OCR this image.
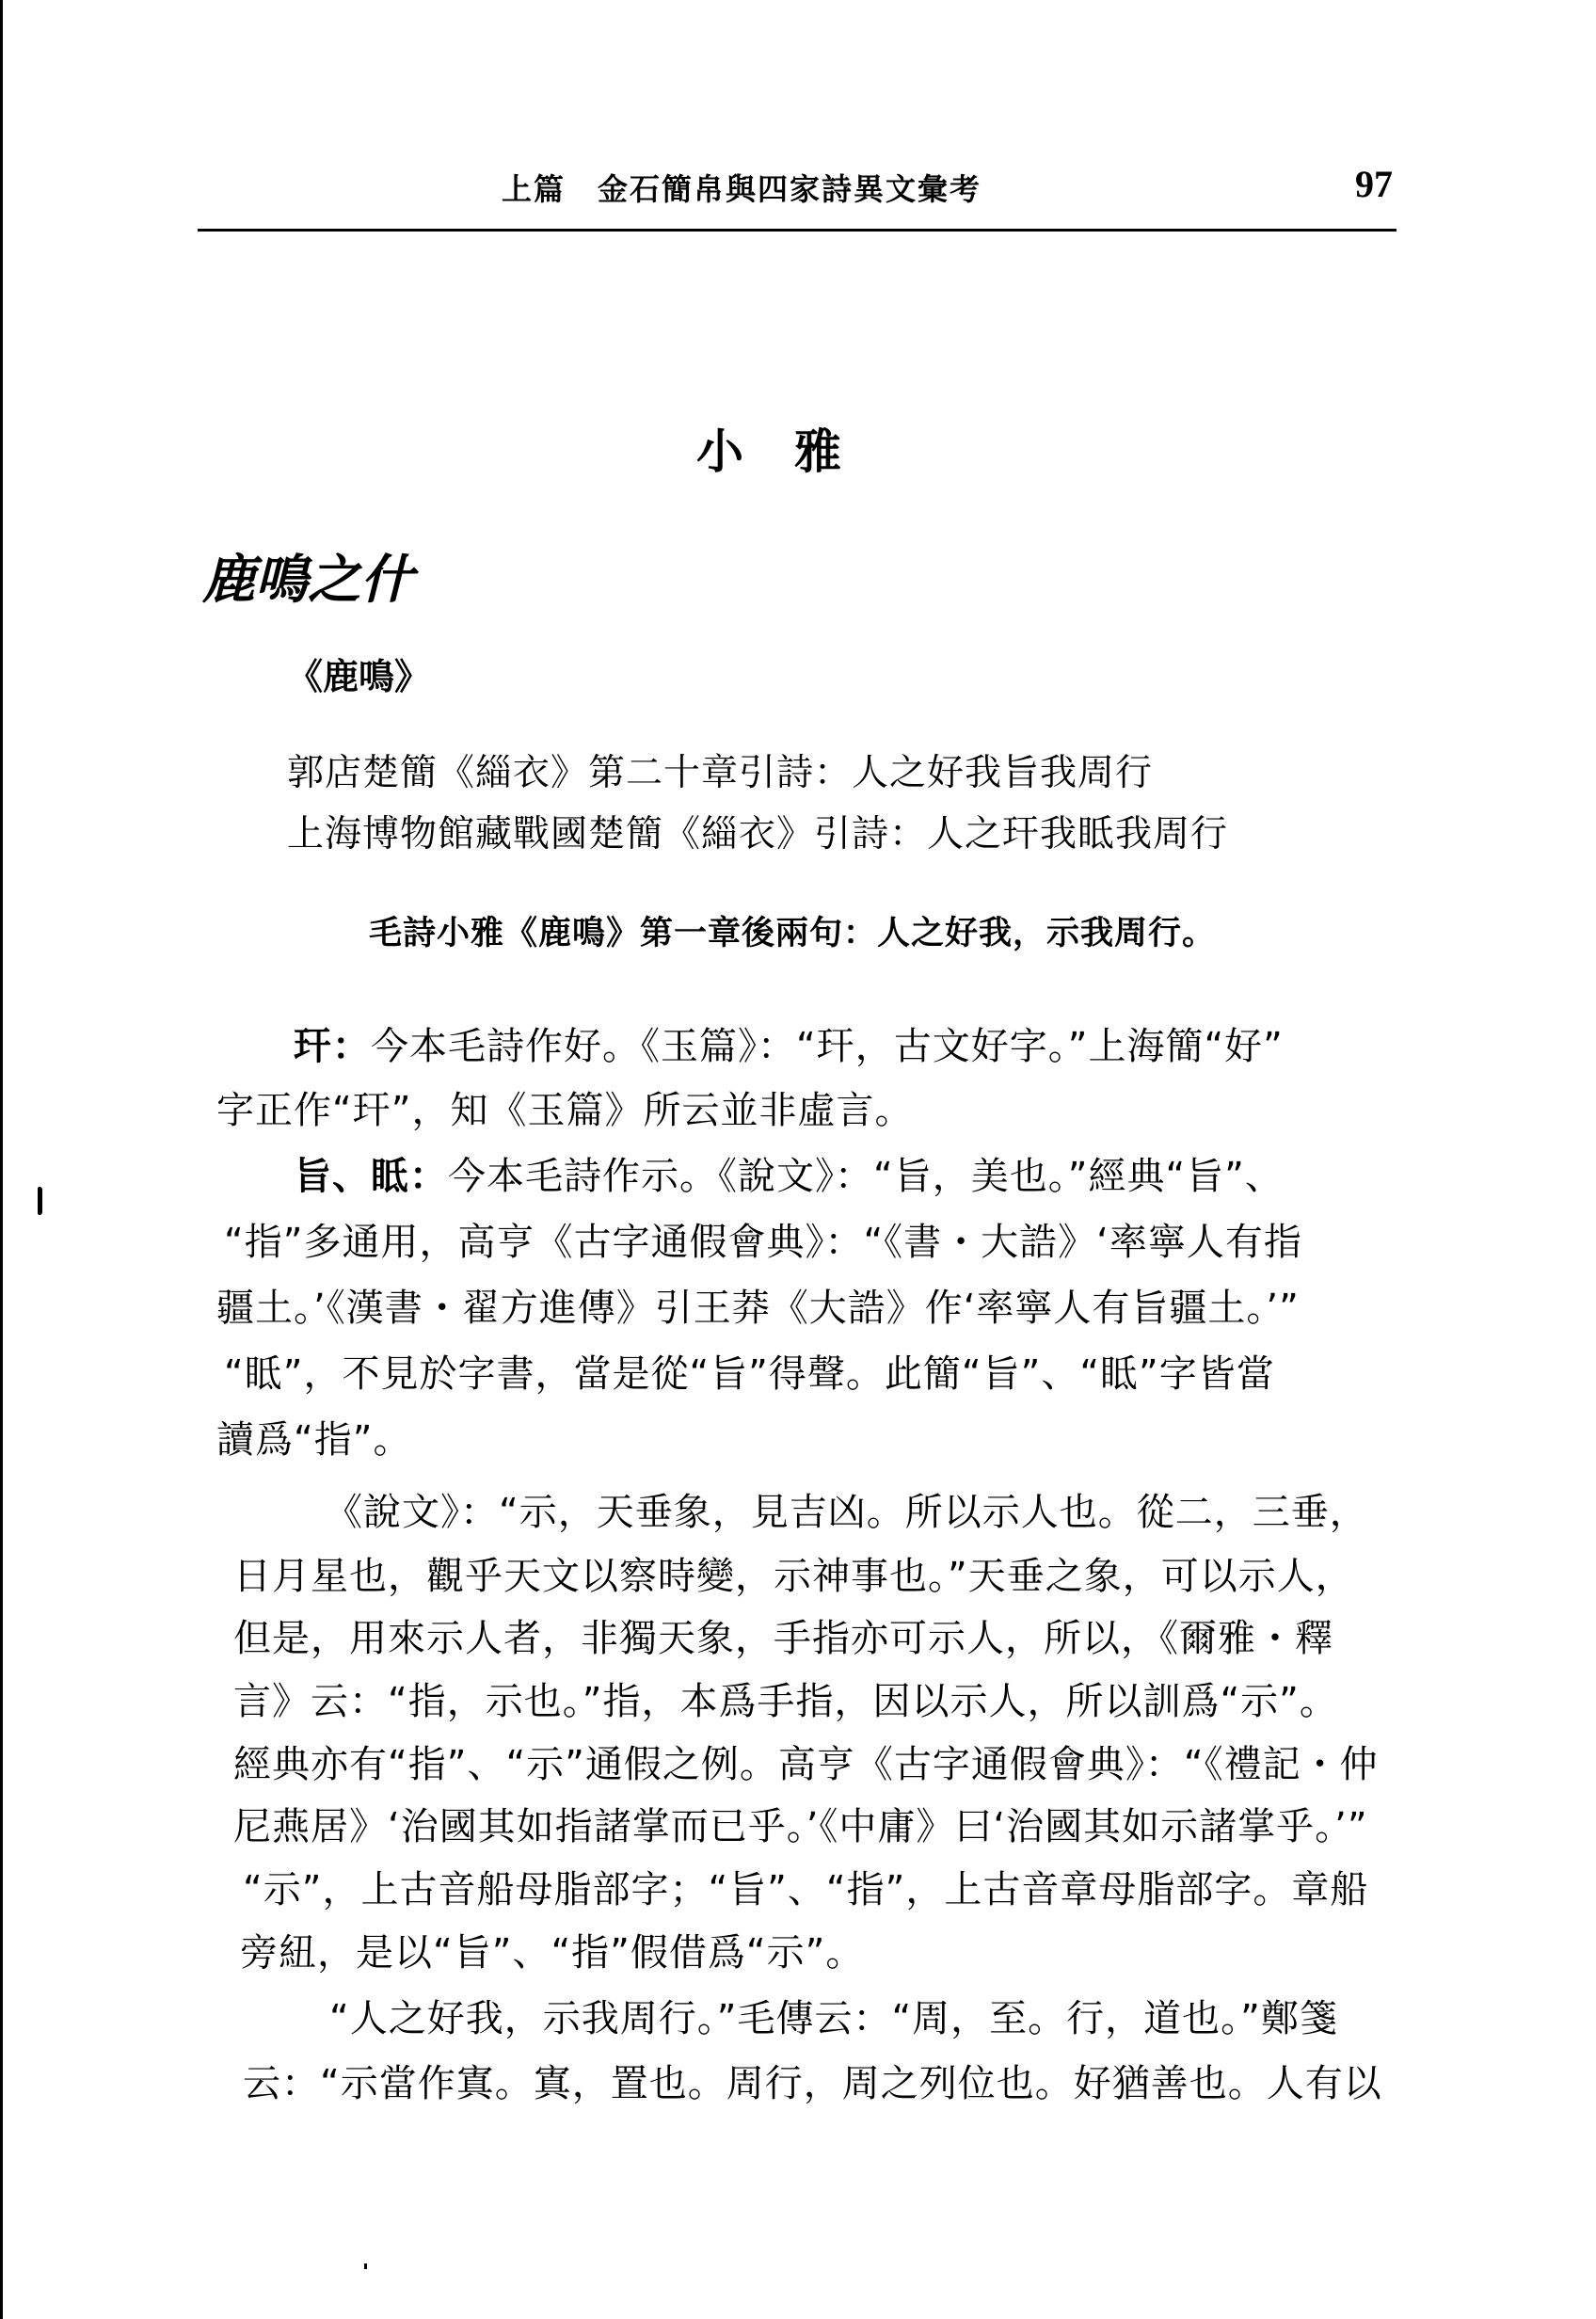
上篇　金石簡帛與四家詩異文彙考	97
小　雅
鹿鳴之什
《鹿鳴》
郭店楚簡《緇衣》第二十章引詩：人之好我旨我周行
上海博物館藏戰國楚簡《緇衣》引詩：人之玕我眡我周行
毛詩小雅《鹿鳴》第一章後兩句：人之好我，示我周行。
玕：今本毛詩作好。《玉篇》：“玕，古文好字。”上海簡“好”
字正作“玕”，知《玉篇》所云並非虛言。
旨、眡：今本毛詩作示。《說文》：“旨，美也。”經典“旨”、
“指”多通用，高亨《古字通假會典》：“《書・大誥》‘率寧人有指
疆土。’《漢書・翟方進傳》引王莽《大誥》作‘率寧人有旨疆土。’”
“眡”，不見於字書，當是從“旨”得聲。此簡“旨”、“眡”字皆當
讀爲“指”。
《說文》：“示，天垂象，見吉凶。所以示人也。從二，三垂，
日月星也，觀乎天文以察時變，示神事也。”天垂之象，可以示人，
但是，用來示人者，非獨天象，手指亦可示人，所以，《爾雅・釋
言》云：“指，示也。”指，本爲手指，因以示人，所以訓爲“示”。
經典亦有“指”、“示”通假之例。高亨《古字通假會典》：“《禮記・仲
尼燕居》‘治國其如指諸掌而已乎。’《中庸》曰‘治國其如示諸掌乎。’”
“示”，上古音船母脂部字；“旨”、“指”，上古音章母脂部字。章船
旁紐，是以“旨”、“指”假借爲“示”。
“人之好我，示我周行。”毛傳云：“周，至。行，道也。”鄭箋
云：“示當作寘。寘，置也。周行，周之列位也。好猶善也。人有以
